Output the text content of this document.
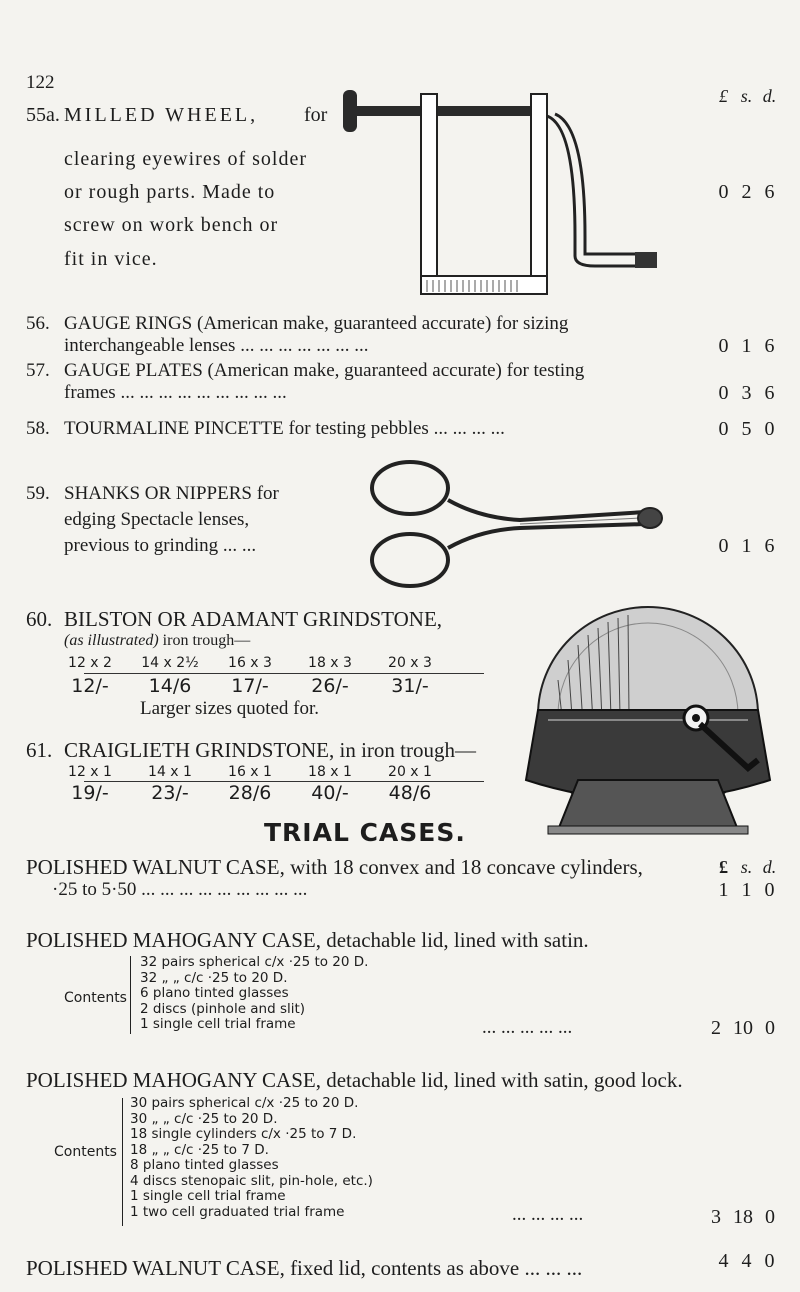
122
£ s. d.
55a. MILLED WHEEL, for
clearing eyewires of solder
or rough parts. Made to
screw on work bench or
fit in vice.
0 2 6
56. GAUGE RINGS (American make, guaranteed accurate) for sizing
interchangeable lenses ... ... ... ... ... ... ...	0 1 6
57. GAUGE PLATES (American make, guaranteed accurate) for testing
frames ... ... ... ... ... ... ... ... ...	0 3 6
58. TOURMALINE PINCETTE for testing pebbles ... ... ... ...	0 5 0
59. SHANKS OR NIPPERS for
edging Spectacle lenses,
previous to grinding ... ...	0 1 6
60. BILSTON OR ADAMANT GRINDSTONE,
(as illustrated) iron trough—
12 x 2	14 x 2½	16 x 3	18 x 3	20 x 3
12/-	14/6	17/-	26/-	31/-
Larger sizes quoted for.
61. CRAIGLIETH GRINDSTONE, in iron trough—
12 x 1	14 x 1	16 x 1	18 x 1	20 x 1
19/-	23/-	28/6	40/-	48/6
TRIAL CASES.
POLISHED WALNUT CASE, with 18 convex and 18 concave cylinders,
·25 to 5·50 ... ... ... ... ... ... ... ... ...
£ s. d.
1 1 0
POLISHED MAHOGANY CASE, detachable lid, lined with satin.
Contents
32 pairs spherical c/x ·25 to 20 D.
32 „ „ c/c ·25 to 20 D.
6 plano tinted glasses
2 discs (pinhole and slit)
1 single cell trial frame	... ... ... ... ...	2 10 0
POLISHED MAHOGANY CASE, detachable lid, lined with satin, good lock.
Contents
30 pairs spherical c/x ·25 to 20 D.
30 „ „ c/c ·25 to 20 D.
18 single cylinders c/x ·25 to 7 D.
18 „ „ c/c ·25 to 7 D.
8 plano tinted glasses
4 discs stenopaic slit, pin-hole, etc.)
1 single cell trial frame
1 two cell graduated trial frame	... ... ... ...	3 18 0
POLISHED WALNUT CASE, fixed lid, contents as above ... ... ...	4 4 0
